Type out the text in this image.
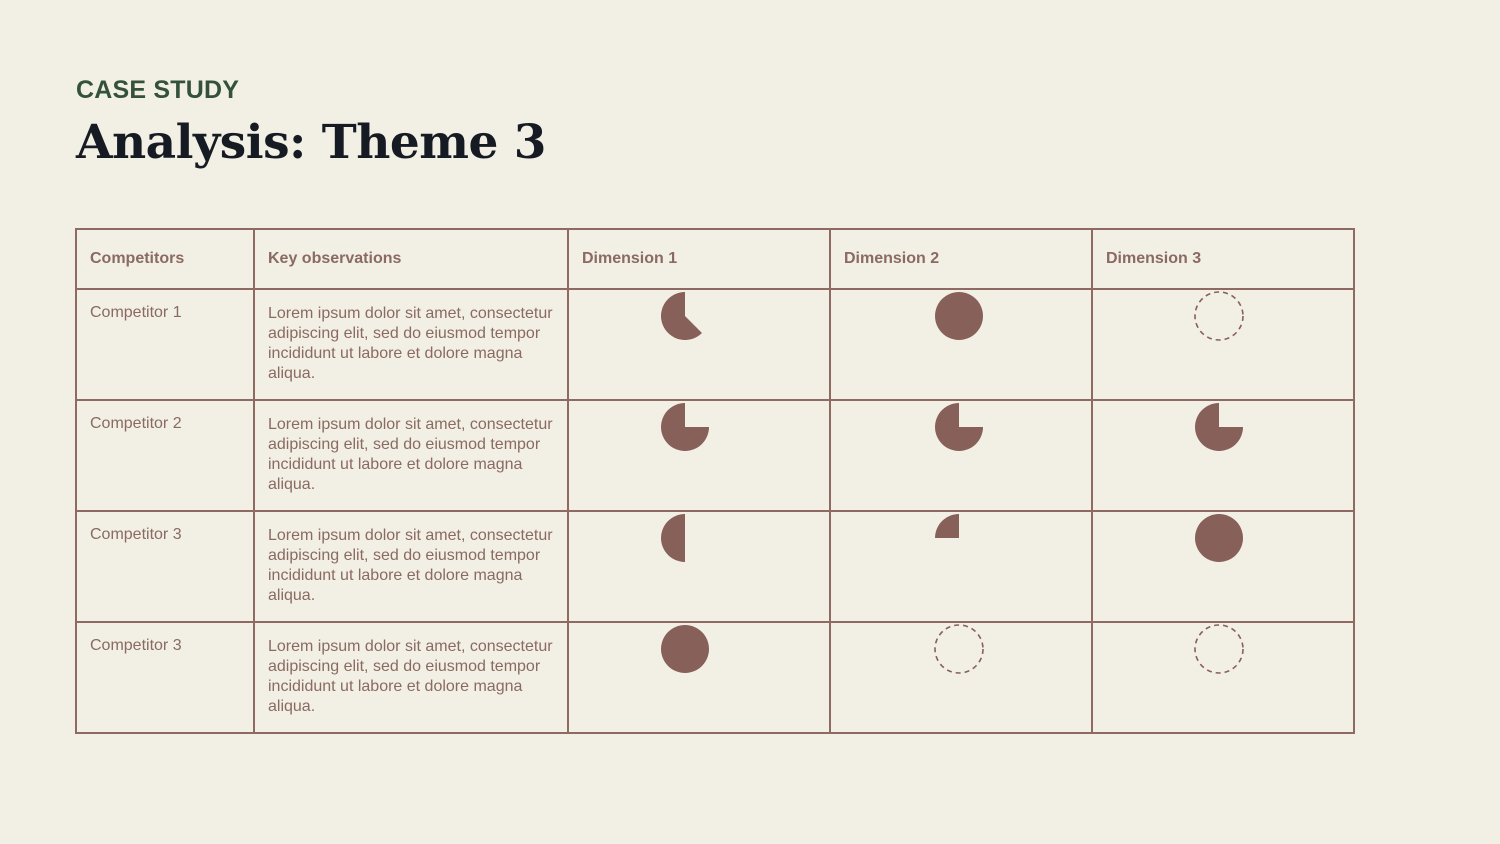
CASE STUDY
Analysis: Theme 3
Competitors	Key observations	Dimension 1	Dimension 2	Dimension 3
Competitor 1	Lorem ipsum dolor sit amet, consectetur adipiscing elit, sed do eiusmod tempor incididunt ut labore et dolore magna aliqua.	

Competitor 2	Lorem ipsum dolor sit amet, consectetur adipiscing elit, sed do eiusmod tempor incididunt ut labore et dolore magna aliqua.	

Competitor 3	Lorem ipsum dolor sit amet, consectetur adipiscing elit, sed do eiusmod tempor incididunt ut labore et dolore magna aliqua.	

Competitor 3	Lorem ipsum dolor sit amet, consectetur adipiscing elit, sed do eiusmod tempor incididunt ut labore et dolore magna aliqua.	
